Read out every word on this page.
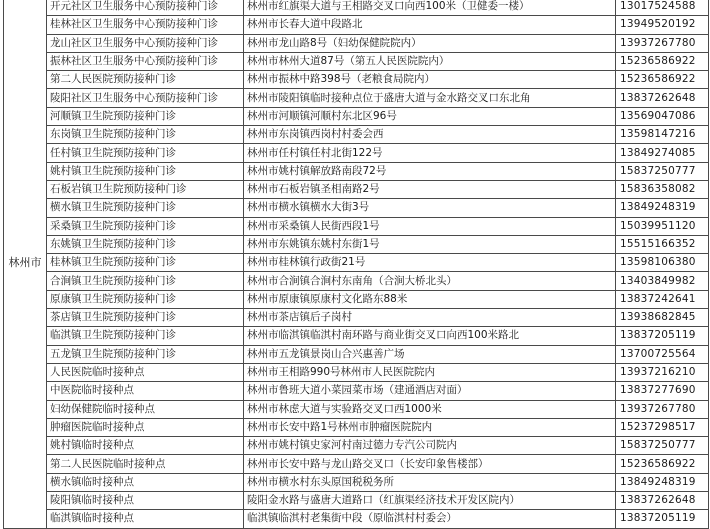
林州市	开元社区卫生服务中心预防接种门诊	林州市红旗渠大道与王相路交叉口向西100米（卫健委一楼）	13017524588
	桂林社区卫生服务中心预防接种门诊	林州市长春大道中段路北	13949520192
	龙山社区卫生服务中心预防接种门诊	林州市龙山路8号（妇幼保健院院内）	13937267780
	振林社区卫生服务中心预防接种门诊	林州市林州大道87号（第五人民医院院内）	15236586922
	第二人民医院预防接种门诊	林州市振林中路398号（老粮食局院内）	15236586922
	陵阳社区卫生服务中心预防接种门诊	林州市陵阳镇临时接种点位于盛唐大道与金水路交叉口东北角	13837262648
	河顺镇卫生院预防接种门诊	林州市河顺镇河顺村东北区96号	13569047086
	东岗镇卫生院预防接种门诊	林州市东岗镇西岗村村委会西	13598147216
	任村镇卫生院预防接种门诊	林州市任村镇任村北街122号	13849274085
	姚村镇卫生院预防接种门诊	林州市姚村镇解放路南段72号	15837250777
	石板岩镇卫生院预防接种门诊	林州市石板岩镇圣相南路2号	15836358082
	横水镇卫生院预防接种门诊	林州市横水镇横水大街3号	13849248319
	采桑镇卫生院预防接种门诊	林州市采桑镇人民街西段1号	15039951120
	东姚镇卫生院预防接种门诊	林州市东姚镇东姚村东街1号	15515166352
	桂林镇卫生院预防接种门诊	林州市桂林镇行政街21号	13598106380
	合涧镇卫生院预防接种门诊	林州市合涧镇合涧村东南角（合涧大桥北头）	13403849982
	原康镇卫生院预防接种门诊	林州市原康镇原康村文化路东88米	13837242641
	茶店镇卫生院预防接种门诊	林州市茶店镇后子岗村	13938682845
	临淇镇卫生院预防接种门诊	林州市临淇镇临淇村南环路与商业街交叉口向西100米路北	13837205119
	五龙镇卫生院预防接种门诊	林州市五龙镇景岗山合兴惠善广场	13700725564
	人民医院临时接种点	林州市王相路990号林州市人民医院院内	13937216210
	中医院临时接种点	林州市鲁班大道小菜园菜市场（建通酒店对面）	13837277690
	妇幼保健院临时接种点	林州市林虑大道与实验路交叉口西1000米	13937267780
	肿瘤医院临时接种点	林州市长安中路1号林州市肿瘤医院院内	15237298517
	姚村镇临时接种点	林州市姚村镇史家河村南过德力专汽公司院内	15837250777
	第二人民医院临时接种点	林州市长安中路与龙山路交叉口（长安印象售楼部）	15236586922
	横水镇临时接种点	林州市横水村东头原国税税务所	13849248319
	陵阳镇临时接种点	陵阳金水路与盛唐大道路口（红旗渠经济技术开发区院内）	13837262648
	临淇镇临时接种点	临淇镇临淇村老集街中段（原临淇村村委会）	13837205119
